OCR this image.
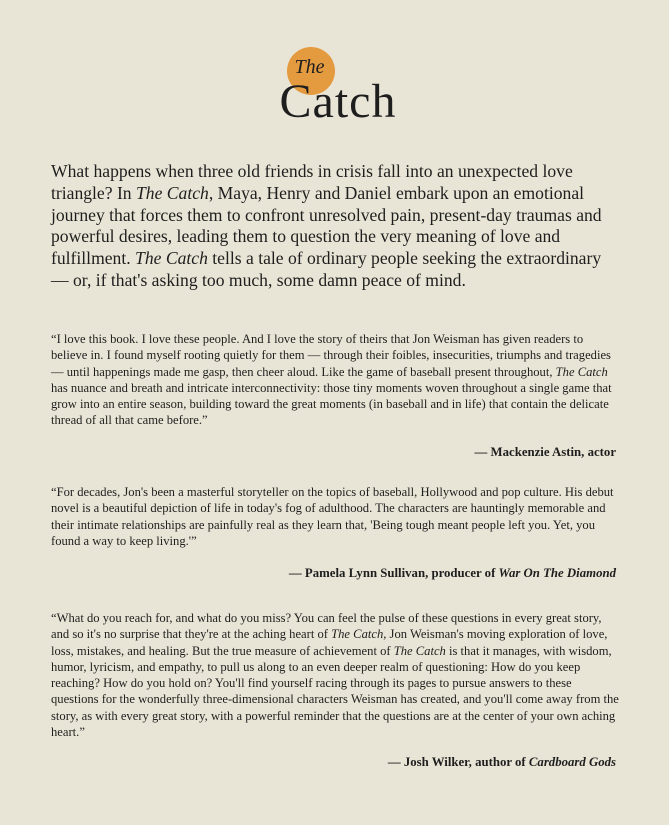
The
Catch

What happens when three old friends in crisis fall into an unexpected love triangle? In The Catch, Maya, Henry and Daniel embark upon an emotional journey that forces them to confront unresolved pain, present-day traumas and powerful desires, leading them to question the very meaning of love and fulfillment. The Catch tells a tale of ordinary people seeking the extraordinary — or, if that's asking too much, some damn peace of mind.

“I love this book. I love these people. And I love the story of theirs that Jon Weisman has given readers to believe in. I found myself rooting quietly for them — through their foibles, insecurities, triumphs and tragedies — until happenings made me gasp, then cheer aloud. Like the game of baseball present throughout, The Catch has nuance and breath and intricate interconnectivity: those tiny moments woven throughout a single game that grow into an entire season, building toward the great moments (in baseball and in life) that contain the delicate thread of all that came before.”

— Mackenzie Astin, actor

“For decades, Jon's been a masterful storyteller on the topics of baseball, Hollywood and pop culture. His debut novel is a beautiful depiction of life in today's fog of adulthood. The characters are hauntingly memorable and their intimate relationships are painfully real as they learn that, 'Being tough meant people left you. Yet, you found a way to keep living.'”

— Pamela Lynn Sullivan, producer of War On The Diamond

“What do you reach for, and what do you miss? You can feel the pulse of these questions in every great story, and so it's no surprise that they're at the aching heart of The Catch, Jon Weisman's moving exploration of love, loss, mistakes, and healing. But the true measure of achievement of The Catch is that it manages, with wisdom, humor, lyricism, and empathy, to pull us along to an even deeper realm of questioning: How do you keep reaching? How do you hold on? You'll find yourself racing through its pages to pursue answers to these questions for the wonderfully three-dimensional characters Weisman has created, and you'll come away from the story, as with every great story, with a powerful reminder that the questions are at the center of your own aching heart.”

— Josh Wilker, author of Cardboard Gods
